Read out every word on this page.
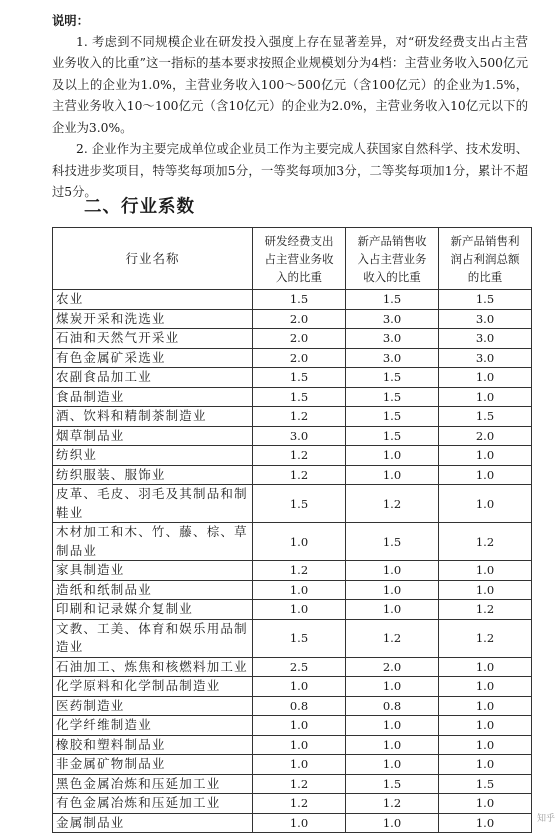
说明：

1. 考虑到不同规模企业在研发投入强度上存在显著差异，对“研发经费支出占主营业务收入的比重”这一指标的基本要求按照企业规模划分为4档：主营业务收入500亿元及以上的企业为1.0%，主营业务收入100～500亿元（含100亿元）的企业为1.5%，主营业务收入10～100亿元（含10亿元）的企业为2.0%，主营业务收入10亿元以下的企业为3.0%。

2. 企业作为主要完成单位或企业员工作为主要完成人获国家自然科学、技术发明、科技进步奖项目，特等奖每项加5分，一等奖每项加3分，二等奖每项加1分，累计不超过5分。

二、行业系数
行业名称	研发经费支出占主营业务收入的比重	新产品销售收入占主营业务收入的比重	新产品销售利润占利润总额的比重

农业	1.5	1.5	1.5
煤炭开采和洗选业	2.0	3.0	3.0
石油和天然气开采业	2.0	3.0	3.0
有色金属矿采选业	2.0	3.0	3.0
农副食品加工业	1.5	1.5	1.0
食品制造业	1.5	1.5	1.0
酒、饮料和精制茶制造业	1.2	1.5	1.5
烟草制品业	3.0	1.5	2.0
纺织业	1.2	1.0	1.0
纺织服装、服饰业	1.2	1.0	1.0
皮革、毛皮、羽毛及其制品和制鞋业	1.5	1.2	1.0
木材加工和木、竹、藤、棕、草制品业	1.0	1.5	1.2
家具制造业	1.2	1.0	1.0
造纸和纸制品业	1.0	1.0	1.0
印刷和记录媒介复制业	1.0	1.0	1.2
文教、工美、体育和娱乐用品制造业	1.5	1.2	1.2
石油加工、炼焦和核燃料加工业	2.5	2.0	1.0
化学原料和化学制品制造业	1.0	1.0	1.0
医药制造业	0.8	0.8	1.0
化学纤维制造业	1.0	1.0	1.0
橡胶和塑料制品业	1.0	1.0	1.0
非金属矿物制品业	1.0	1.0	1.0
黑色金属冶炼和压延加工业	1.2	1.5	1.5
有色金属冶炼和压延加工业	1.2	1.2	1.0
金属制品业	1.0	1.0	1.0	知乎
